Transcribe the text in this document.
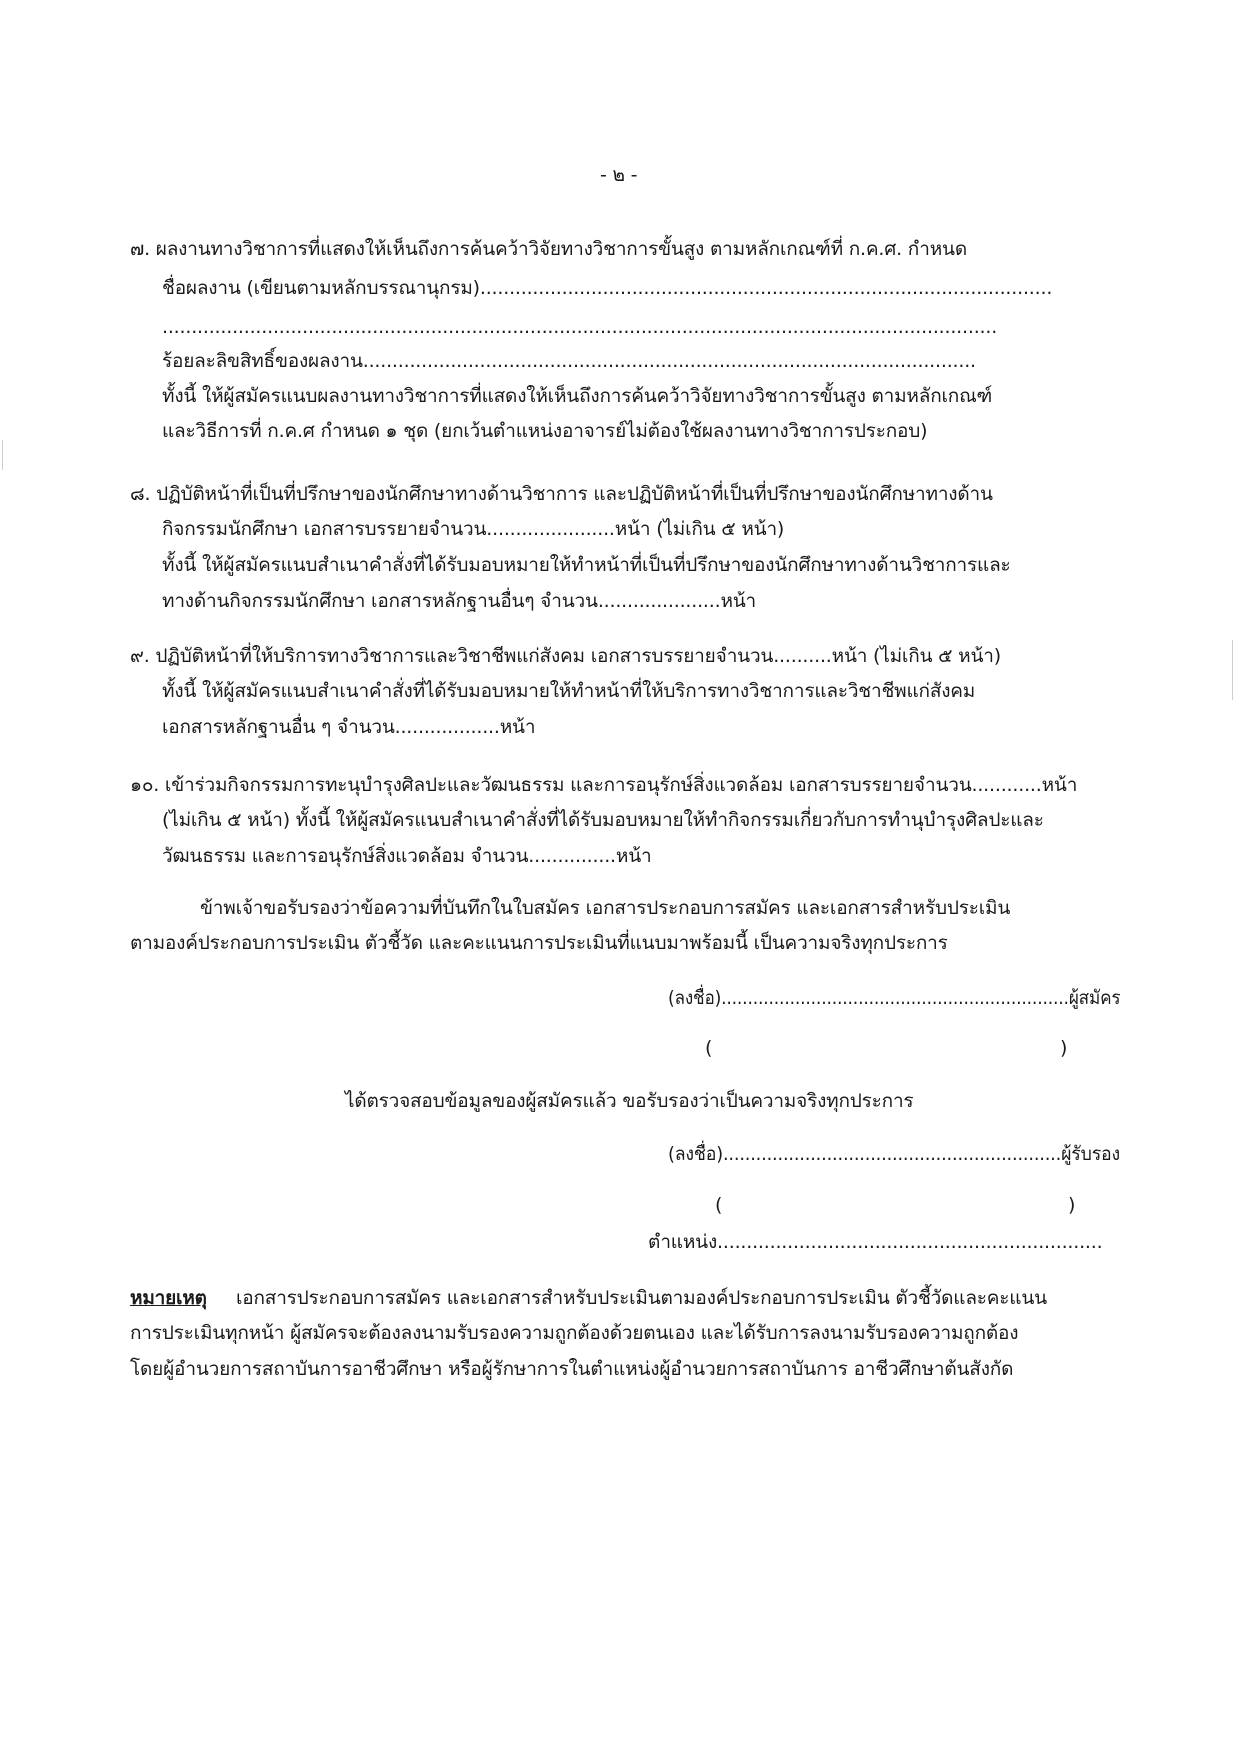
- ๒ -
๗. ผลงานทางวิชาการที่แสดงให้เห็นถึงการค้นคว้าวิจัยทางวิชาการขั้นสูง ตามหลักเกณฑ์ที่ ก.ค.ศ. กำหนด
ชื่อผลงาน (เขียนตามหลักบรรณานุกรม)..................................................................................................
...............................................................................................................................................
ร้อยละลิขสิทธิ์ของผลงาน.........................................................................................................
ทั้งนี้ ให้ผู้สมัครแนบผลงานทางวิชาการที่แสดงให้เห็นถึงการค้นคว้าวิจัยทางวิชาการขั้นสูง ตามหลักเกณฑ์
และวิธีการที่ ก.ค.ศ กำหนด ๑ ชุด (ยกเว้นตำแหน่งอาจารย์ไม่ต้องใช้ผลงานทางวิชาการประกอบ)
๘. ปฏิบัติหน้าที่เป็นที่ปรึกษาของนักศึกษาทางด้านวิชาการ และปฏิบัติหน้าที่เป็นที่ปรึกษาของนักศึกษาทางด้าน
กิจกรรมนักศึกษา เอกสารบรรยายจำนวน......................หน้า (ไม่เกิน ๕ หน้า)
ทั้งนี้ ให้ผู้สมัครแนบสำเนาคำสั่งที่ได้รับมอบหมายให้ทำหน้าที่เป็นที่ปรึกษาของนักศึกษาทางด้านวิชาการและ
ทางด้านกิจกรรมนักศึกษา เอกสารหลักฐานอื่นๆ จำนวน.....................หน้า
๙. ปฏิบัติหน้าที่ให้บริการทางวิชาการและวิชาชีพแก่สังคม เอกสารบรรยายจำนวน..........หน้า (ไม่เกิน ๕ หน้า)
ทั้งนี้ ให้ผู้สมัครแนบสำเนาคำสั่งที่ได้รับมอบหมายให้ทำหน้าที่ให้บริการทางวิชาการและวิชาชีพแก่สังคม
เอกสารหลักฐานอื่น ๆ จำนวน..................หน้า
๑๐. เข้าร่วมกิจกรรมการทะนุบำรุงศิลปะและวัฒนธรรม และการอนุรักษ์สิ่งแวดล้อม เอกสารบรรยายจำนวน............หน้า
(ไม่เกิน ๕ หน้า) ทั้งนี้ ให้ผู้สมัครแนบสำเนาคำสั่งที่ได้รับมอบหมายให้ทำกิจกรรมเกี่ยวกับการทำนุบำรุงศิลปะและ
วัฒนธรรม และการอนุรักษ์สิ่งแวดล้อม จำนวน...............หน้า
ข้าพเจ้าขอรับรองว่าข้อความที่บันทึกในใบสมัคร เอกสารประกอบการสมัคร และเอกสารสำหรับประเมิน
ตามองค์ประกอบการประเมิน ตัวชี้วัด และคะแนนการประเมินที่แนบมาพร้อมนี้ เป็นความจริงทุกประการ
(ลงชื่อ)..................................................................ผู้สมัคร
(	)
ได้ตรวจสอบข้อมูลของผู้สมัครแล้ว ขอรับรองว่าเป็นความจริงทุกประการ
(ลงชื่อ)..............................................................ผู้รับรอง
(	)
ตำแหน่ง..................................................................
หมายเหตุ เอกสารประกอบการสมัคร และเอกสารสำหรับประเมินตามองค์ประกอบการประเมิน ตัวชี้วัดและคะแนน
การประเมินทุกหน้า ผู้สมัครจะต้องลงนามรับรองความถูกต้องด้วยตนเอง และได้รับการลงนามรับรองความถูกต้อง
โดยผู้อำนวยการสถาบันการอาชีวศึกษา หรือผู้รักษาการในตำแหน่งผู้อำนวยการสถาบันการ อาชีวศึกษาต้นสังกัด
